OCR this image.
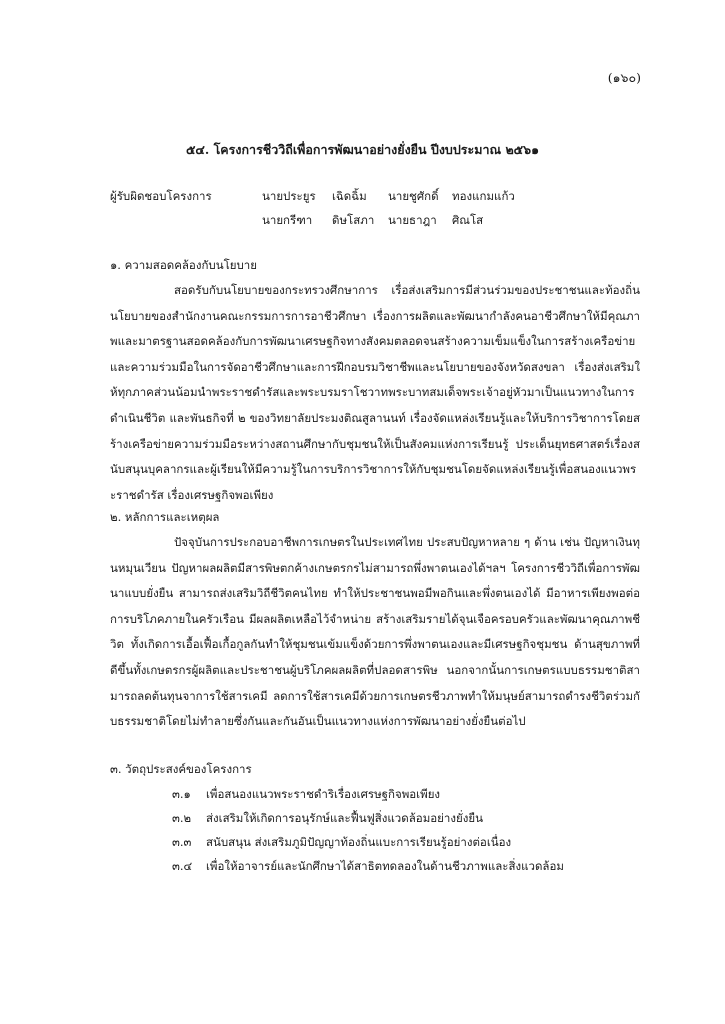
(๑๖๐)
๕๔. โครงการชีววิถีเพื่อการพัฒนาอย่างยั่งยืน ปีงบประมาณ ๒๕๖๑
ผู้รับผิดชอบโครงการ	นายประยูร เฉิดฉิ้ม นายชูศักดิ์ ทองแกมแก้ว
นายกรีฑา ดิษโสภา นายธาฎา ศิณโส
๑. ความสอดคล้องกับนโยบาย
สอดรับกับนโยบายของกระทรวงศึกษาการ เรื่อส่งเสริมการมีส่วนร่วมของประชาชนและท้องถิ่น นโยบายของสำนักงานคณะกรรมการการอาชีวศึกษา เรื่องการผลิตและพัฒนากำลังคนอาชีวศึกษาให้มีคุณภาพและมาตรฐานสอดคล้องกับการพัฒนาเศรษฐกิจทางสังคมตลอดจนสร้างความเข็มแข็งในการสร้างเครือข่ายและความร่วมมือในการจัดอาชีวศึกษาและการฝึกอบรมวิชาชีพและนโยบายของจังหวัดสงขลา เรื่องส่งเสริมให้ทุกภาคส่วนน้อมนำพระราชดำรัสและพระบรมราโชวาทพระบาทสมเด็จพระเจ้าอยู่หัวมาเป็นแนวทางในการดำเนินชีวิต และพันธกิจที่ ๒ ของวิทยาลัยประมงติณสูลานนท์ เรื่องจัดแหล่งเรียนรู้และให้บริการวิชาการโดยสร้างเครือข่ายความร่วมมือระหว่างสถานศึกษากับชุมชนให้เป็นสังคมแห่งการเรียนรู้ ประเด็นยุทธศาสตร์เรื่องสนับสนุนบุคลากรและผู้เรียนให้มีความรู้ในการบริการวิชาการให้กับชุมชนโดยจัดแหล่งเรียนรู้เพื่อสนองแนวพระราชดำรัส เรื่องเศรษฐกิจพอเพียง
๒. หลักการและเหตุผล
ปัจจุบันการประกอบอาชีพการเกษตรในประเทศไทย ประสบปัญหาหลาย ๆ ด้าน เช่น ปัญหาเงินทุนหมุนเวียน ปัญหาผลผลิตมีสารพิษตกค้างเกษตรกรไม่สามารถพึ่งพาตนเองได้ฯลฯ โครงการชีววิถีเพื่อการพัฒนาแบบยั่งยืน สามารถส่งเสริมวิถีชีวิตคนไทย ทำให้ประชาชนพอมีพอกินและพึ่งตนเองได้ มีอาหารเพียงพอต่อการบริโภคภายในครัวเรือน มีผลผลิตเหลือไว้จำหน่าย สร้างเสริมรายได้จุนเจือครอบครัวและพัฒนาคุณภาพชีวิต ทั้งเกิดการเอื้อเฟื้อเกื้อกูลกันทำให้ชุมชนเข้มแข็งด้วยการพึ่งพาตนเองและมีเศรษฐกิจชุมชน ด้านสุขภาพที่ดีขึ้นทั้งเกษตรกรผู้ผลิตและประชาชนผู้บริโภคผลผลิตที่ปลอดสารพิษ นอกจากนั้นการเกษตรแบบธรรมชาติสามารถลดต้นทุนจาการใช้สารเคมี ลดการใช้สารเคมีด้วยการเกษตรชีวภาพทำให้มนุษย์สามารถดำรงชีวิตร่วมกับธรรมชาติโดยไม่ทำลายซึ่งกันและกันอันเป็นแนวทางแห่งการพัฒนาอย่างยั่งยืนต่อไป
๓. วัตถุประสงค์ของโครงการ
๓.๑ เพื่อสนองแนวพระราชดำริเรื่องเศรษฐกิจพอเพียง
๓.๒ ส่งเสริมให้เกิดการอนุรักษ์และฟื้นฟูสิ่งแวดล้อมอย่างยั่งยืน
๓.๓ สนับสนุน ส่งเสริมภูมิปัญญาท้องถิ่นแบะการเรียนรู้อย่างต่อเนื่อง
๓.๔ เพื่อให้อาจารย์และนักศึกษาได้สาธิตทดลองในด้านชีวภาพและสิ่งแวดล้อม
